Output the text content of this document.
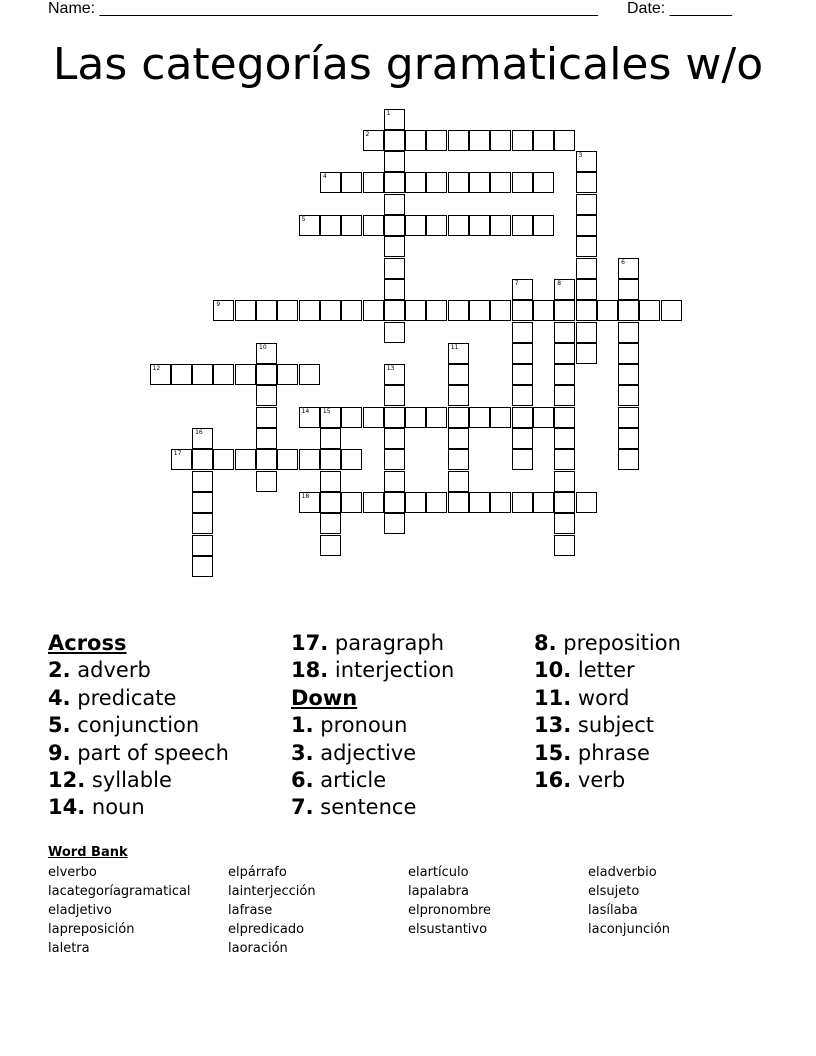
Name: ________________________________________________________ Date: _______
Las categorías gramaticales w/o
1
2
3
4
5
6
7	8
9
10	11
12	13
14 15
16
17
18
Across
2. adverb
4. predicate
5. conjunction
9. part of speech
12. syllable
14. noun
17. paragraph
18. interjection
Down
1. pronoun
3. adjective
6. article
7. sentence
8. preposition
10. letter
11. word
13. subject
15. phrase
16. verb
Word Bank
elverbo
lacategoríagramatical
eladjetivo
lapreposición
laletra
elpárrafo
lainterjección
lafrase
elpredicado
laoración
elartículo
lapalabra
elpronombre
elsustantivo
eladverbio
elsujeto
lasílaba
laconjunción
